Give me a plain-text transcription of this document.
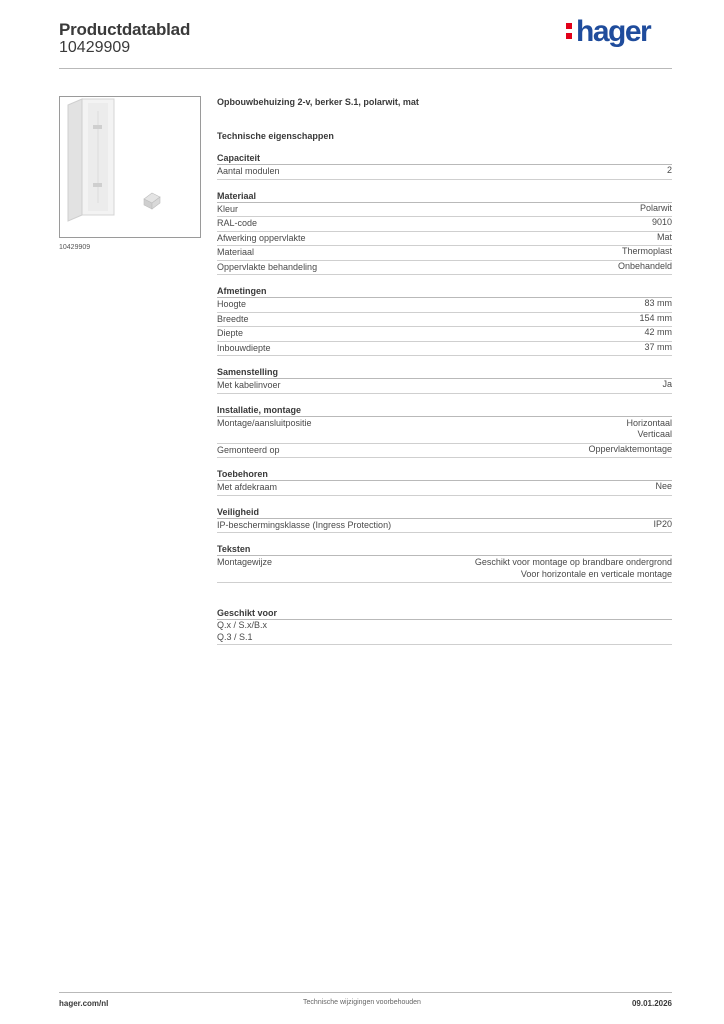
Productdatablad
10429909	hager
10429909
Opbouwbehuizing 2-v, berker S.1, polarwit, mat
Technische eigenschappen
Capaciteit
Aantal modulen	2
Materiaal
Kleur	Polarwit
RAL-code	9010
Afwerking oppervlakte	Mat
Materiaal	Thermoplast
Oppervlakte behandeling	Onbehandeld
Afmetingen
Hoogte	83 mm
Breedte	154 mm
Diepte	42 mm
Inbouwdiepte	37 mm
Samenstelling
Met kabelinvoer	Ja
Installatie, montage
Montage/aansluitpositie	Horizontaal
Verticaal
Gemonteerd op	Oppervlaktemontage
Toebehoren
Met afdekraam	Nee
Veiligheid
IP-beschermingsklasse (Ingress Protection)	IP20
Teksten
Montagewijze	Geschikt voor montage op brandbare ondergrond
Voor horizontale en verticale montage
Geschikt voor
Q.x / S.x/B.x
Q.3 / S.1
hager.com/nl	Technische wijzigingen voorbehouden	09.01.2026
